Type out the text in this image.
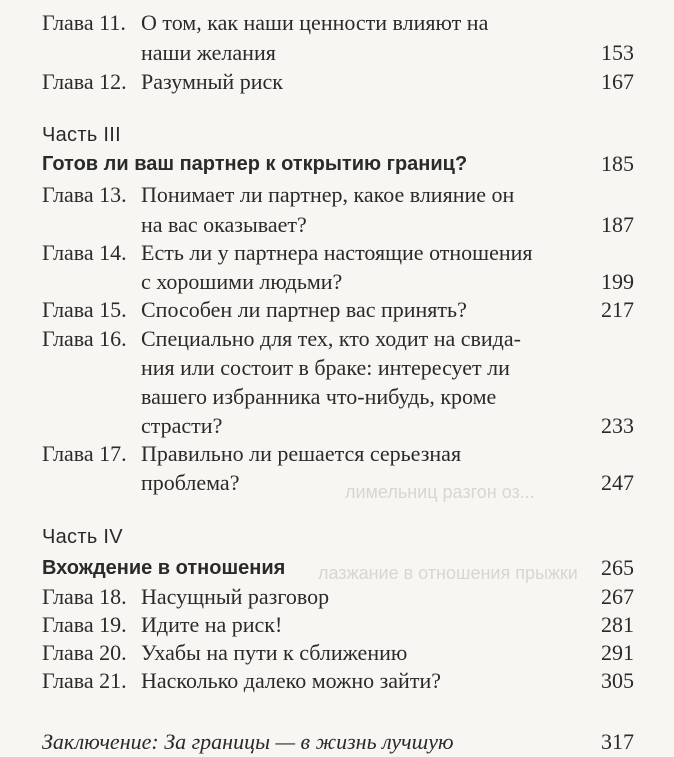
лимельниц разгон оз...
лазжание в отношения прыжки
Глава 11. О том, как наши ценности влияют на
наши желания	153
Глава 12. Разумный риск	167
Часть III
Готов ли ваш партнер к открытию границ?	185
Глава 13. Понимает ли партнер, какое влияние он
на вас оказывает?	187
Глава 14. Есть ли у партнера настоящие отношения
с хорошими людьми?	199
Глава 15. Способен ли партнер вас принять?	217
Глава 16. Специально для тех, кто ходит на свида-
ния или состоит в браке: интересует ли
вашего избранника что-нибудь, кроме
страсти?	233
Глава 17. Правильно ли решается серьезная
проблема?	247
Часть IV
Вхождение в отношения	265
Глава 18. Насущный разговор	267
Глава 19. Идите на риск!	281
Глава 20. Ухабы на пути к сближению	291
Глава 21. Насколько далеко можно зайти?	305
Заключение: За границы — в жизнь лучшую	317
